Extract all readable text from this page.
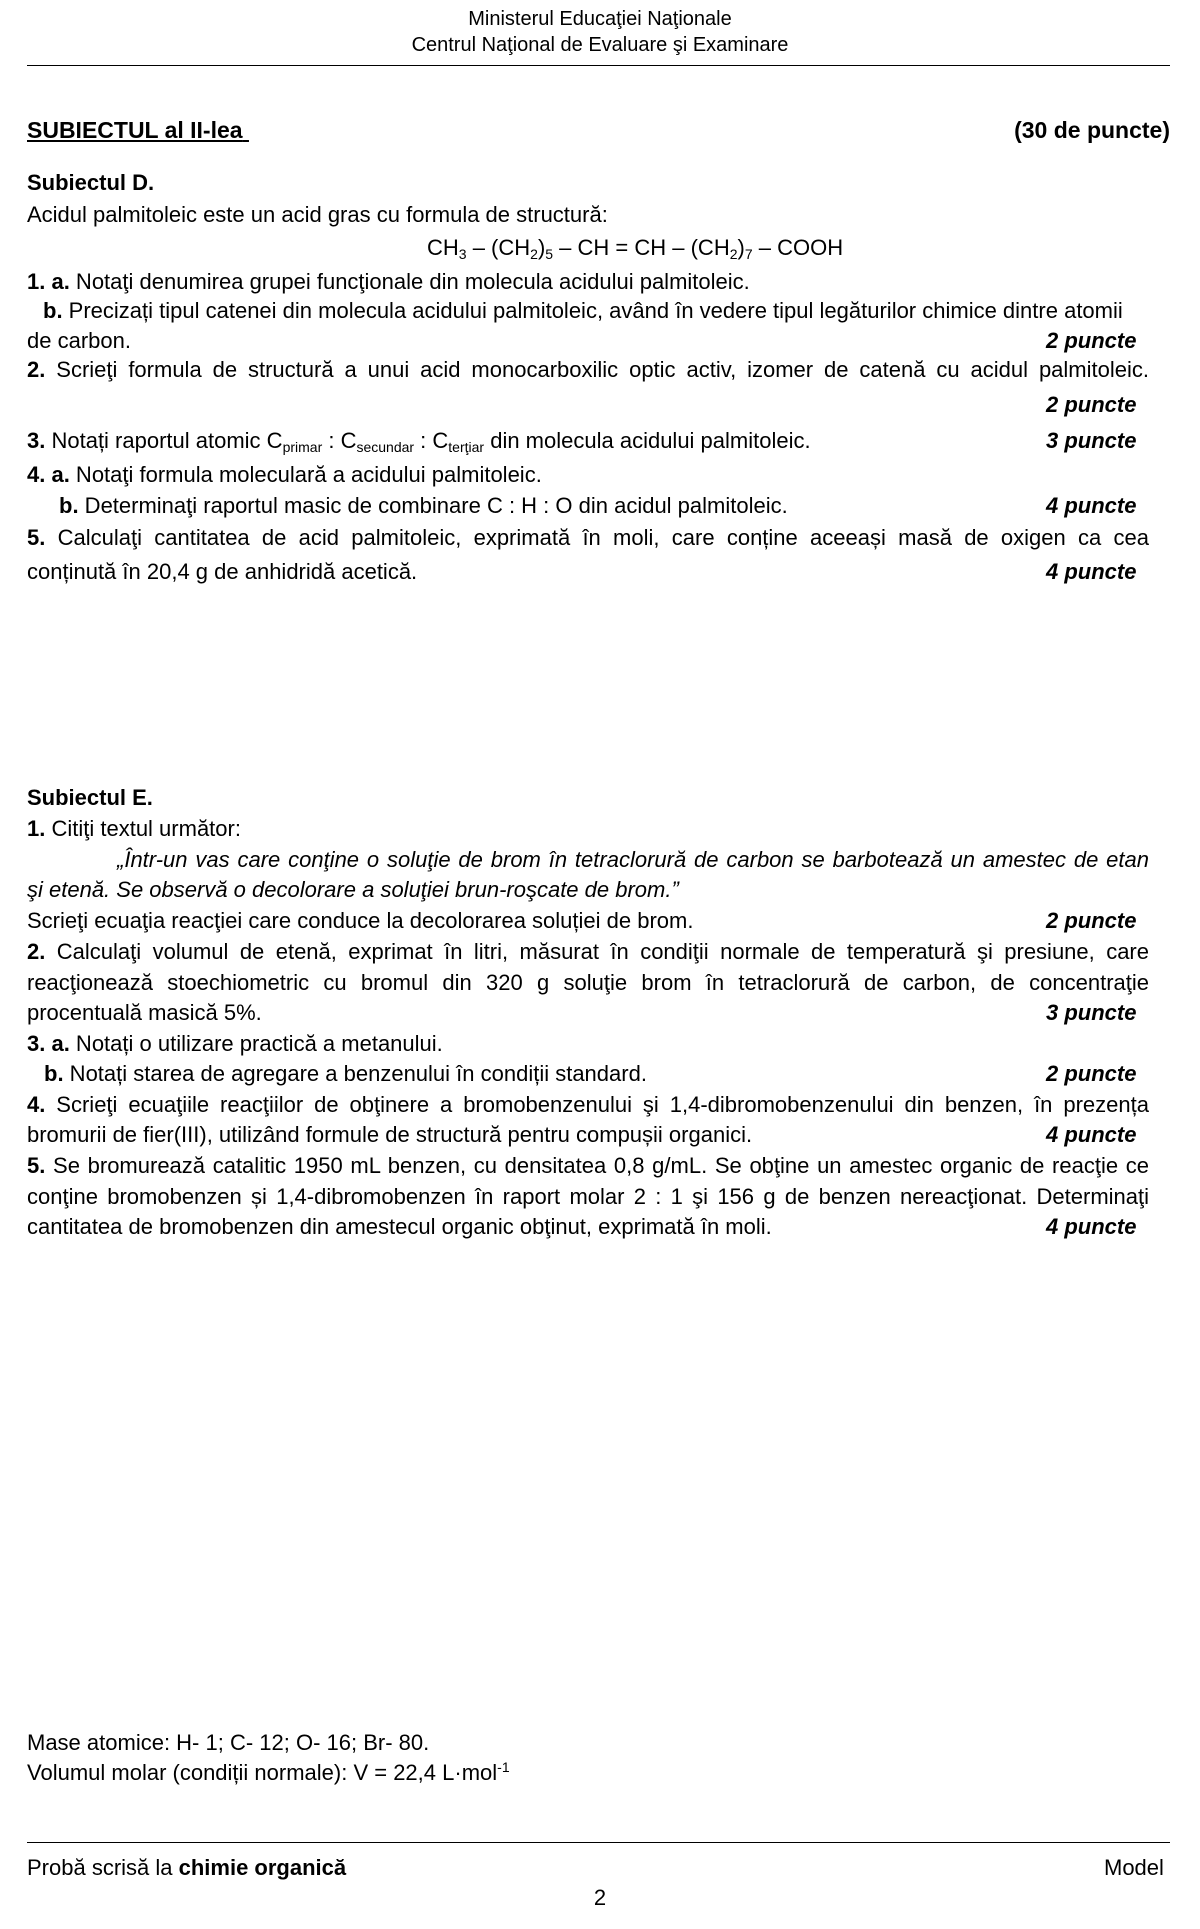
Ministerul Educaţiei Naţionale
Centrul Naţional de Evaluare şi Examinare
SUBIECTUL al II-lea	(30 de puncte)
Subiectul D.
Acidul palmitoleic este un acid gras cu formula de structură:
$CH_3 - (CH_2)_5$ – CH = CH – $(CH_2)_7$ – COOH
1. a. Notaţi denumirea grupei funcţionale din molecula acidului palmitoleic.
b. Precizați tipul catenei din molecula acidului palmitoleic, având în vedere tipul legăturilor chimice dintre atomii
de carbon.	2 puncte
2. Scrieţi formula de structură a unui acid monocarboxilic optic activ, izomer de catenă cu acidul palmitoleic.
2 puncte
3. Notați raportul atomic $C_{primar}$ : $C_{secundar}$ : $C_{terţiar}$ din molecula acidului palmitoleic.	3 puncte
4. a. Notaţi formula moleculară a acidului palmitoleic.
b. Determinaţi raportul masic de combinare C : H : O din acidul palmitoleic.	4 puncte
5. Calculaţi cantitatea de acid palmitoleic, exprimată în moli, care conține aceeași masă de oxigen ca cea
conținută în 20,4 g de anhidridă acetică.	4 puncte
Subiectul E.
1. Citiţi textul următor:
„Într-un vas care conţine o soluţie de brom în tetraclorură de carbon se barbotează un amestec de etan
şi etenă. Se observă o decolorare a soluţiei brun-roşcate de brom.”
Scrieţi ecuaţia reacţiei care conduce la decolorarea soluției de brom.	2 puncte
2. Calculaţi volumul de etenă, exprimat în litri, măsurat în condiţii normale de temperatură şi presiune, care
reacţionează stoechiometric cu bromul din 320 g soluţie brom în tetraclorură de carbon, de concentraţie
procentuală masică 5%.	3 puncte
3. a. Notați o utilizare practică a metanului.
b. Notați starea de agregare a benzenului în condiții standard.	2 puncte
4. Scrieţi ecuaţiile reacţiilor de obţinere a bromobenzenului şi 1,4-dibromobenzenului din benzen, în prezența
bromurii de fier(III), utilizând formule de structură pentru compușii organici.	4 puncte
5. Se bromurează catalitic 1950 mL benzen, cu densitatea 0,8 g/mL. Se obţine un amestec organic de reacţie ce
conţine bromobenzen și 1,4-dibromobenzen în raport molar 2 : 1 şi 156 g de benzen nereacţionat. Determinaţi
cantitatea de bromobenzen din amestecul organic obţinut, exprimată în moli.	4 puncte
Mase atomice: H- 1; C- 12; O- 16; Br- 80.
Volumul molar (condiții normale): V = 22,4 L·mol$^{-1}$
Probă scrisă la chimie organică	Model
2
